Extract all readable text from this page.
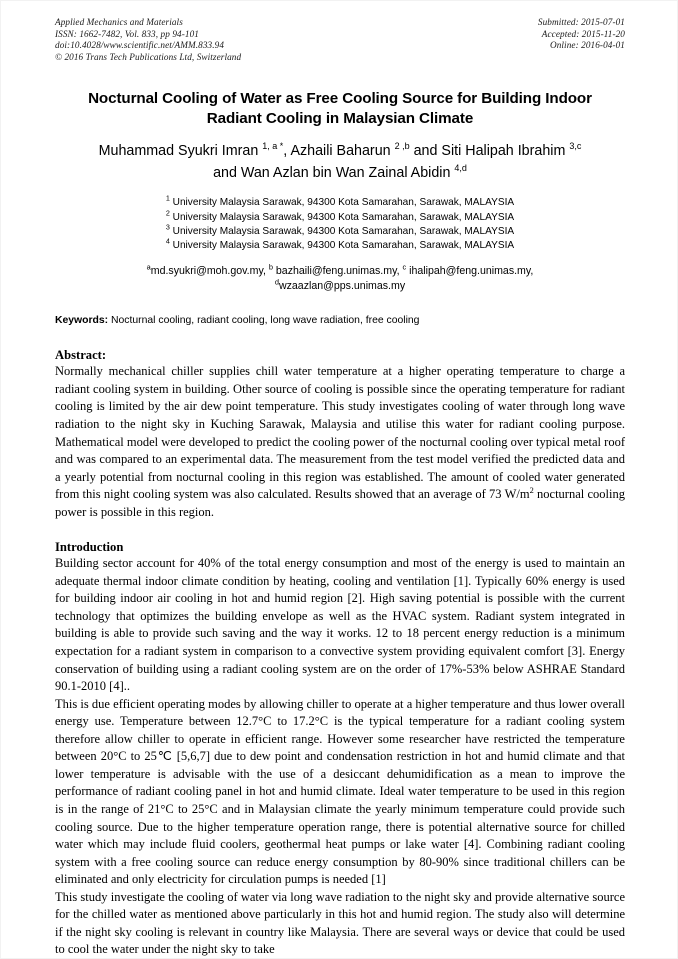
Applied Mechanics and Materials
ISSN: 1662-7482, Vol. 833, pp 94-101
doi:10.4028/www.scientific.net/AMM.833.94
© 2016 Trans Tech Publications Ltd, Switzerland
Submitted: 2015-07-01
Accepted: 2015-11-20
Online: 2016-04-01
Nocturnal Cooling of Water as Free Cooling Source for Building Indoor
Radiant Cooling in Malaysian Climate
Muhammad Syukri Imran $^{1, a *}$, Azhaili Baharun $^{2 ,b}$ and Siti Halipah Ibrahim $^{3,c}$
and Wan Azlan bin Wan Zainal Abidin $^{4,d}$
$^1$ University Malaysia Sarawak, 94300 Kota Samarahan, Sarawak, MALAYSIA
$^2$ University Malaysia Sarawak, 94300 Kota Samarahan, Sarawak, MALAYSIA
$^3$ University Malaysia Sarawak, 94300 Kota Samarahan, Sarawak, MALAYSIA
$^4$ University Malaysia Sarawak, 94300 Kota Samarahan, Sarawak, MALAYSIA
$^a$md.syukri@moh.gov.my, $^b$ bazhaili@feng.unimas.my, $^c$ ihalipah@feng.unimas.my,
$^d$wzaazlan@pps.unimas.my
Keywords: Nocturnal cooling, radiant cooling, long wave radiation, free cooling
Abstract:

Normally mechanical chiller supplies chill water temperature at a higher operating temperature to charge a radiant cooling system in building. Other source of cooling is possible since the operating temperature for radiant cooling is limited by the air dew point temperature. This study investigates cooling of water through long wave radiation to the night sky in Kuching Sarawak, Malaysia and utilise this water for radiant cooling purpose. Mathematical model were developed to predict the cooling power of the nocturnal cooling over typical metal roof and was compared to an experimental data. The measurement from the test model verified the predicted data and a yearly potential from nocturnal cooling in this region was established. The amount of cooled water generated from this night cooling system was also calculated. Results showed that an average of 73 $W/m^2$ nocturnal cooling power is possible in this region.

Introduction

Building sector account for 40% of the total energy consumption and most of the energy is used to maintain an adequate thermal indoor climate condition by heating, cooling and ventilation [1]. Typically 60% energy is used for building indoor air cooling in hot and humid region [2]. High saving potential is possible with the current technology that optimizes the building envelope as well as the HVAC system. Radiant system integrated in building is able to provide such saving and the way it works. 12 to 18 percent energy reduction is a minimum expectation for a radiant system in comparison to a convective system providing equivalent comfort [3]. Energy conservation of building using a radiant cooling system are on the order of 17%-53% below ASHRAE Standard 90.1-2010 [4]..

This is due efficient operating modes by allowing chiller to operate at a higher temperature and thus lower overall energy use. Temperature between 12.7°C to 17.2°C is the typical temperature for a radiant cooling system therefore allow chiller to operate in efficient range. However some researcher have restricted the temperature between 20°C to 25℃ [5,6,7] due to dew point and condensation restriction in hot and humid climate and that lower temperature is advisable with the use of a desiccant dehumidification as a mean to improve the performance of radiant cooling panel in hot and humid climate. Ideal water temperature to be used in this region is in the range of 21°C to 25°C and in Malaysian climate the yearly minimum temperature could provide such cooling source. Due to the higher temperature operation range, there is potential alternative source for chilled water which may include fluid coolers, geothermal heat pumps or lake water [4]. Combining radiant cooling system with a free cooling source can reduce energy consumption by 80-90% since traditional chillers can be eliminated and only electricity for circulation pumps is needed [1]

This study investigate the cooling of water via long wave radiation to the night sky and provide alternative source for the chilled water as mentioned above particularly in this hot and humid region. The study also will determine if the night sky cooling is relevant in country like Malaysia. There are several ways or device that could be used to cool the water under the night sky to take
